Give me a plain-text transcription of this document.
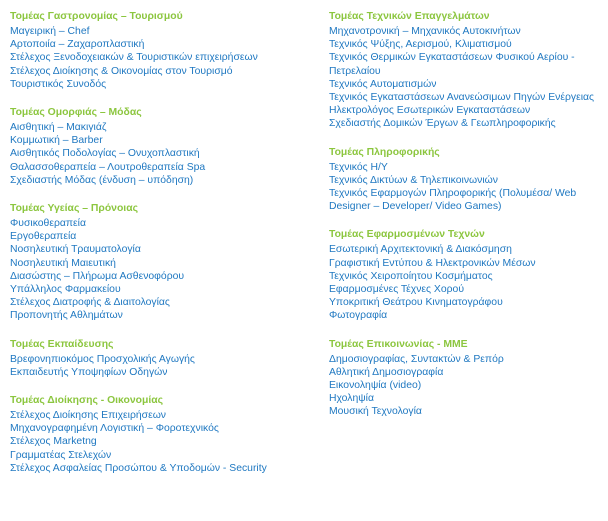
Τομέας Γαστρονομίας – Τουρισμού
Μαγειρική – Chef
Αρτοποιία – Ζαχαροπλαστική
Στέλεχος Ξενοδοχειακών & Τουριστικών επιχειρήσεων
Στέλεχος Διοίκησης & Οικονομίας στον Τουρισμό
Τουριστικός Συνοδός
Τομέας Ομορφιάς – Μόδας
Αισθητική – Μακιγιάζ
Κομμωτική – Barber
Αισθητικός Ποδολογίας – Ονυχοπλαστική
Θαλασσοθεραπεία – Λουτροθεραπεία Spa
Σχεδιαστής Μόδας (ένδυση – υπόδηση)
Τομέας Υγείας – Πρόνοιας
Φυσικοθεραπεία
Εργοθεραπεία
Νοσηλευτική Τραυματολογία
Νοσηλευτική Μαιευτική
Διασώστης – Πλήρωμα Ασθενοφόρου
Υπάλληλος Φαρμακείου
Στέλεχος Διατροφής & Διαιτολογίας
Προπονητής Αθλημάτων
Τομέας Εκπαίδευσης
Βρεφονηπιοκόμος Προσχολικής Αγωγής
Εκπαιδευτής Υποψηφίων Οδηγών
Τομέας Διοίκησης - Οικονομίας
Στέλεχος Διοίκησης Επιχειρήσεων
Μηχανογραφημένη Λογιστική – Φοροτεχνικός
Στέλεχος Marketng
Γραμματέας Στελεχών
Στέλεχος Ασφαλείας Προσώπου & Υποδομών - Security
Τομέας Τεχνικών Επαγγελμάτων
Μηχανοτρονική – Μηχανικός Αυτοκινήτων
Τεχνικός Ψύξης, Αερισμού, Κλιματισμού
Τεχνικός Θερμικών Εγκαταστάσεων Φυσικού Αερίου - Πετρελαίου
Τεχνικός Αυτοματισμών
Τεχνικός Εγκαταστάσεων Ανανεώσιμων Πηγών Ενέργειας
Ηλεκτρολόγος Εσωτερικών Εγκαταστάσεων
Σχεδιαστής Δομικών Έργων & Γεωπληροφορικής
Τομέας Πληροφορικής
Τεχνικός Η/Υ
Τεχνικός Δικτύων & Τηλεπικοινωνιών
Τεχνικός Εφαρμογών Πληροφορικής (Πολυμέσα/ Web Designer – Developer/ Video Games)
Τομέας Εφαρμοσμένων Τεχνών
Εσωτερική Αρχιτεκτονική & Διακόσμηση
Γραφιστική Εντύπου & Ηλεκτρονικών Μέσων
Τεχνικός Χειροποίητου Κοσμήματος
Εφαρμοσμένες Τέχνες Χορού
Υποκριτική Θεάτρου Κινηματογράφου
Φωτογραφία
Τομέας Επικοινωνίας - ΜΜΕ
Δημοσιογραφίας, Συντακτών & Ρεπόρ
Αθλητική Δημοσιογραφία
Εικονοληψία (video)
Ηχοληψία
Μουσική Τεχνολογία
